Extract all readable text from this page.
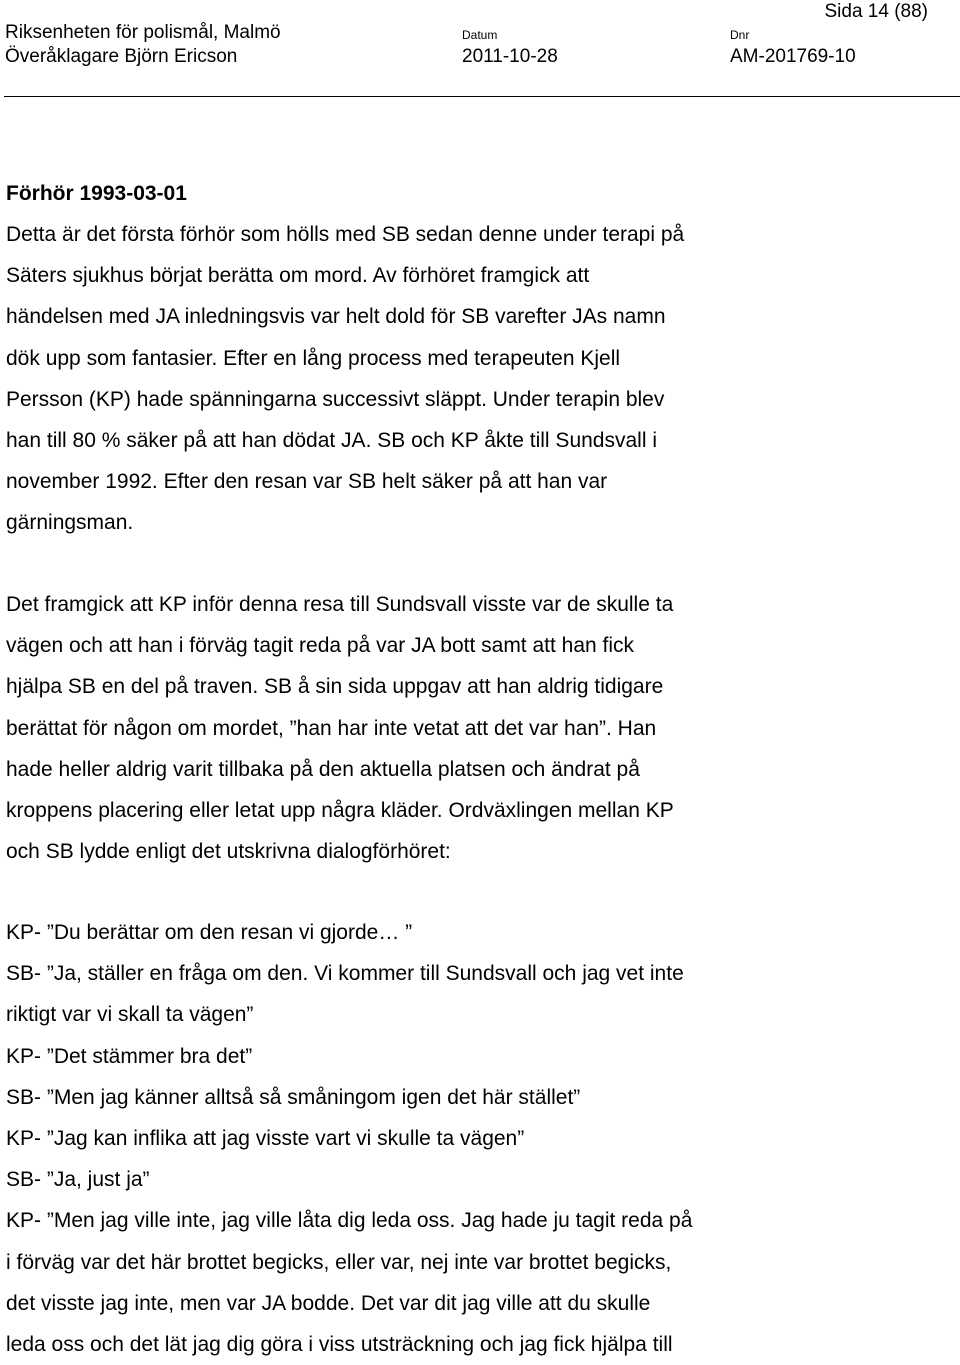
Sida 14 (88)
Riksenheten för polismål, Malmö
Överåklagare Björn Ericson
Datum
2011-10-28
Dnr
AM-201769-10
Förhör 1993-03-01
Detta är det första förhör som hölls med SB sedan denne under terapi på
Säters sjukhus börjat berätta om mord. Av förhöret framgick att
händelsen med JA inledningsvis var helt dold för SB varefter JAs namn
dök upp som fantasier. Efter en lång process med terapeuten Kjell
Persson (KP) hade spänningarna successivt släppt. Under terapin blev
han till 80 % säker på att han dödat JA. SB och KP åkte till Sundsvall i
november 1992. Efter den resan var SB helt säker på att han var
gärningsman.
Det framgick att KP inför denna resa till Sundsvall visste var de skulle ta
vägen och att han i förväg tagit reda på var JA bott samt att han fick
hjälpa SB en del på traven. SB å sin sida uppgav att han aldrig tidigare
berättat för någon om mordet, ”han har inte vetat att det var han”. Han
hade heller aldrig varit tillbaka på den aktuella platsen och ändrat på
kroppens placering eller letat upp några kläder. Ordväxlingen mellan KP
och SB lydde enligt det utskrivna dialogförhöret:
KP- ”Du berättar om den resan vi gjorde… ”
SB- ”Ja, ställer en fråga om den. Vi kommer till Sundsvall och jag vet inte
riktigt var vi skall ta vägen”
KP- ”Det stämmer bra det”
SB- ”Men jag känner alltså så småningom igen det här stället”
KP- ”Jag kan inflika att jag visste vart vi skulle ta vägen”
SB- ”Ja, just ja”
KP- ”Men jag ville inte, jag ville låta dig leda oss. Jag hade ju tagit reda på
i förväg var det här brottet begicks, eller var, nej inte var brottet begicks,
det visste jag inte, men var JA bodde. Det var dit jag ville att du skulle
leda oss och det lät jag dig göra i viss utsträckning och jag fick hjälpa till
